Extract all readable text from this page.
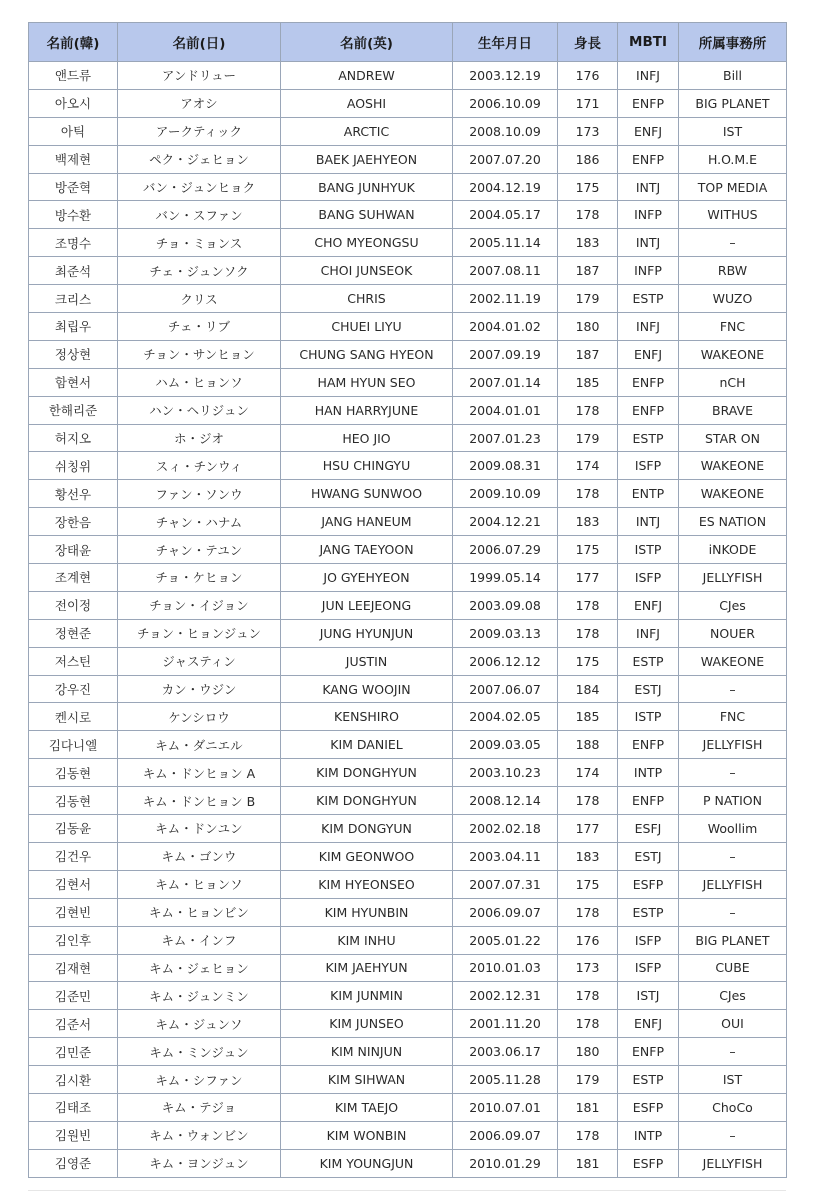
名前(韓)	名前(日)	名前(英)	生年月日	身長	MBTI	所属事務所
앤드류	アンドリュー	ANDREW	2003.12.19	176	INFJ	Bill
아오시	アオシ	AOSHI	2006.10.09	171	ENFP	BIG PLANET
아틱	アークティック	ARCTIC	2008.10.09	173	ENFJ	IST
백제현	ペク・ジェヒョン	BAEK JAEHYEON	2007.07.20	186	ENFP	H.O.M.E
방준혁	バン・ジュンヒョク	BANG JUNHYUK	2004.12.19	175	INTJ	TOP MEDIA
방수환	バン・スファン	BANG SUHWAN	2004.05.17	178	INFP	WITHUS
조명수	チョ・ミョンス	CHO MYEONGSU	2005.11.14	183	INTJ	–
최준석	チェ・ジュンソク	CHOI JUNSEOK	2007.08.11	187	INFP	RBW
크리스	クリス	CHRIS	2002.11.19	179	ESTP	WUZO
최립우	チェ・リブ	CHUEI LIYU	2004.01.02	180	INFJ	FNC
정상현	チョン・サンヒョン	CHUNG SANG HYEON	2007.09.19	187	ENFJ	WAKEONE
함현서	ハム・ヒョンソ	HAM HYUN SEO	2007.01.14	185	ENFP	nCH
한해리준	ハン・ヘリジュン	HAN HARRYJUNE	2004.01.01	178	ENFP	BRAVE
허지오	ホ・ジオ	HEO JIO	2007.01.23	179	ESTP	STAR ON
쉬칭위	スィ・チンウィ	HSU CHINGYU	2009.08.31	174	ISFP	WAKEONE
황선우	ファン・ソンウ	HWANG SUNWOO	2009.10.09	178	ENTP	WAKEONE
장한음	チャン・ハナム	JANG HANEUM	2004.12.21	183	INTJ	ES NATION
장태윤	チャン・テユン	JANG TAEYOON	2006.07.29	175	ISTP	iNKODE
조계현	チョ・ケヒョン	JO GYEHYEON	1999.05.14	177	ISFP	JELLYFISH
전이정	チョン・イジョン	JUN LEEJEONG	2003.09.08	178	ENFJ	CJes
정현준	チョン・ヒョンジュン	JUNG HYUNJUN	2009.03.13	178	INFJ	NOUER
저스틴	ジャスティン	JUSTIN	2006.12.12	175	ESTP	WAKEONE
강우진	カン・ウジン	KANG WOOJIN	2007.06.07	184	ESTJ	–
켄시로	ケンシロウ	KENSHIRO	2004.02.05	185	ISTP	FNC
김다니엘	キム・ダニエル	KIM DANIEL	2009.03.05	188	ENFP	JELLYFISH
김동현	キム・ドンヒョン A	KIM DONGHYUN	2003.10.23	174	INTP	–
김동현	キム・ドンヒョン B	KIM DONGHYUN	2008.12.14	178	ENFP	P NATION
김동윤	キム・ドンユン	KIM DONGYUN	2002.02.18	177	ESFJ	Woollim
김건우	キム・ゴンウ	KIM GEONWOO	2003.04.11	183	ESTJ	–
김현서	キム・ヒョンソ	KIM HYEONSEO	2007.07.31	175	ESFP	JELLYFISH
김현빈	キム・ヒョンビン	KIM HYUNBIN	2006.09.07	178	ESTP	–
김인후	キム・インフ	KIM INHU	2005.01.22	176	ISFP	BIG PLANET
김재현	キム・ジェヒョン	KIM JAEHYUN	2010.01.03	173	ISFP	CUBE
김준민	キム・ジュンミン	KIM JUNMIN	2002.12.31	178	ISTJ	CJes
김준서	キム・ジュンソ	KIM JUNSEO	2001.11.20	178	ENFJ	OUI
김민준	キム・ミンジュン	KIM NINJUN	2003.06.17	180	ENFP	–
김시환	キム・シファン	KIM SIHWAN	2005.11.28	179	ESTP	IST
김태조	キム・テジョ	KIM TAEJO	2010.07.01	181	ESFP	ChoCo
김원빈	キム・ウォンビン	KIM WONBIN	2006.09.07	178	INTP	–
김영준	キム・ヨンジュン	KIM YOUNGJUN	2010.01.29	181	ESFP	JELLYFISH
